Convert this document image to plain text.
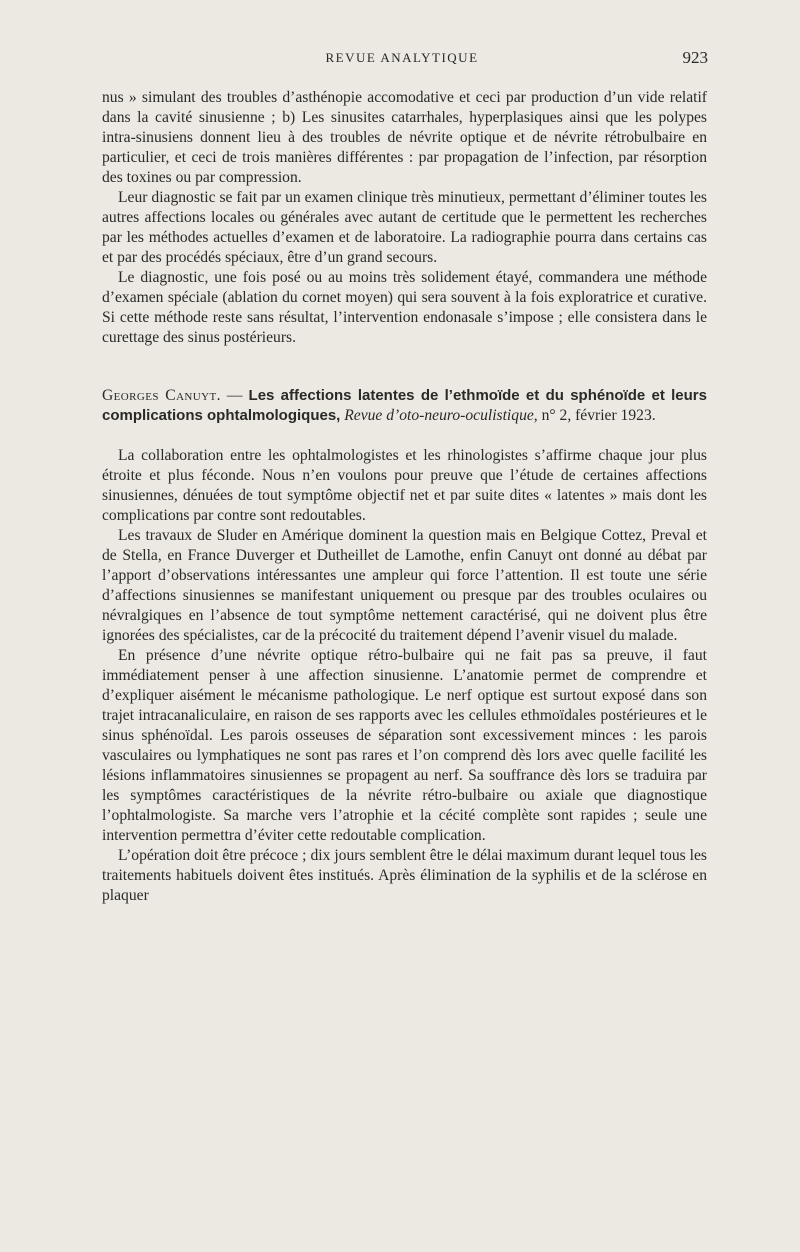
REVUE ANALYTIQUE	923

nus » simulant des troubles d’asthénopie accomodative et ceci par production d’un vide relatif dans la cavité sinusienne ; b) Les sinusites catarrhales, hyperplasiques ainsi que les polypes intra-sinusiens donnent lieu à des troubles de névrite optique et de névrite rétrobulbaire en particulier, et ceci de trois manières différentes : par propagation de l’infection, par résorption des toxines ou par compression.

Leur diagnostic se fait par un examen clinique très minutieux, permettant d’éliminer toutes les autres affections locales ou générales avec autant de certitude que le permettent les recherches par les méthodes actuelles d’examen et de laboratoire. La radiographie pourra dans certains cas et par des procédés spéciaux, être d’un grand secours.

Le diagnostic, une fois posé ou au moins très solidement étayé, commandera une méthode d’examen spéciale (ablation du cornet moyen) qui sera souvent à la fois exploratrice et curative. Si cette méthode reste sans résultat, l’intervention endonasale s’impose ; elle consistera dans le curettage des sinus postérieurs.

Georges Canuyt. — Les affections latentes de l’ethmoïde et du sphénoïde et leurs complications ophtalmologiques, Revue d’oto-neuro-oculistique, n° 2, février 1923.

La collaboration entre les ophtalmologistes et les rhinologistes s’affirme chaque jour plus étroite et plus féconde. Nous n’en voulons pour preuve que l’étude de certaines affections sinusiennes, dénuées de tout symptôme objectif net et par suite dites « latentes » mais dont les complications par contre sont redoutables.

Les travaux de Sluder en Amérique dominent la question mais en Belgique Cottez, Preval et de Stella, en France Duverger et Dutheillet de Lamothe, enfin Canuyt ont donné au débat par l’apport d’observations intéressantes une ampleur qui force l’attention. Il est toute une série d’affections sinusiennes se manifestant uniquement ou presque par des troubles oculaires ou névralgiques en l’absence de tout symptôme nettement caractérisé, qui ne doivent plus être ignorées des spécialistes, car de la précocité du traitement dépend l’avenir visuel du malade.

En présence d’une névrite optique rétro-bulbaire qui ne fait pas sa preuve, il faut immédiatement penser à une affection sinusienne. L’anatomie permet de comprendre et d’expliquer aisément le mécanisme pathologique. Le nerf optique est surtout exposé dans son trajet intracanaliculaire, en raison de ses rapports avec les cellules ethmoïdales postérieures et le sinus sphénoïdal. Les parois osseuses de séparation sont excessivement minces : les parois vasculaires ou lymphatiques ne sont pas rares et l’on comprend dès lors avec quelle facilité les lésions inflammatoires sinusiennes se propagent au nerf. Sa souffrance dès lors se traduira par les symptômes caractéristiques de la névrite rétro-bulbaire ou axiale que diagnostique l’ophtalmologiste. Sa marche vers l’atrophie et la cécité complète sont rapides ; seule une intervention permettra d’éviter cette redoutable complication.

L’opération doit être précoce ; dix jours semblent être le délai maximum durant lequel tous les traitements habituels doivent êtes institués. Après élimination de la syphilis et de la sclérose en plaquer
